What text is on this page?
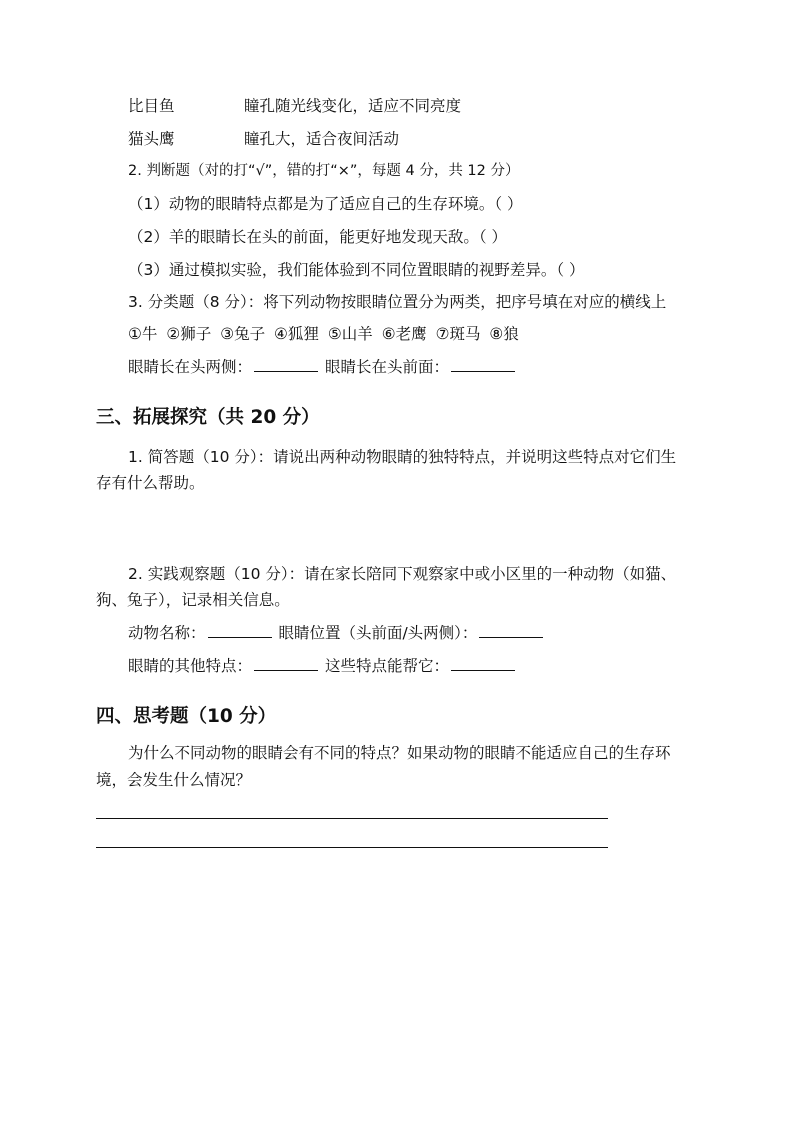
比目鱼	瞳孔随光线变化，适应不同亮度
猫头鹰	瞳孔大，适合夜间活动
2. 判断题（对的打“√”，错的打“×”，每题 4 分，共 12 分）
（1）动物的眼睛特点都是为了适应自己的生存环境。（ ）
（2）羊的眼睛长在头的前面，能更好地发现天敌。（ ）
（3）通过模拟实验，我们能体验到不同位置眼睛的视野差异。（ ）
3. 分类题（8 分）：将下列动物按眼睛位置分为两类，把序号填在对应的横线上
①牛 ②狮子 ③兔子 ④狐狸 ⑤山羊 ⑥老鹰 ⑦斑马 ⑧狼
眼睛长在头两侧：	眼睛长在头前面：
三、拓展探究（共 20 分）
1. 简答题（10 分）：请说出两种动物眼睛的独特特点，并说明这些特点对它们生
存有什么帮助。
2. 实践观察题（10 分）：请在家长陪同下观察家中或小区里的一种动物（如猫、
狗、兔子），记录相关信息。
动物名称：	眼睛位置（头前面/头两侧）：
眼睛的其他特点：	这些特点能帮它：
四、思考题（10 分）
为什么不同动物的眼睛会有不同的特点？如果动物的眼睛不能适应自己的生存环
境，会发生什么情况？
